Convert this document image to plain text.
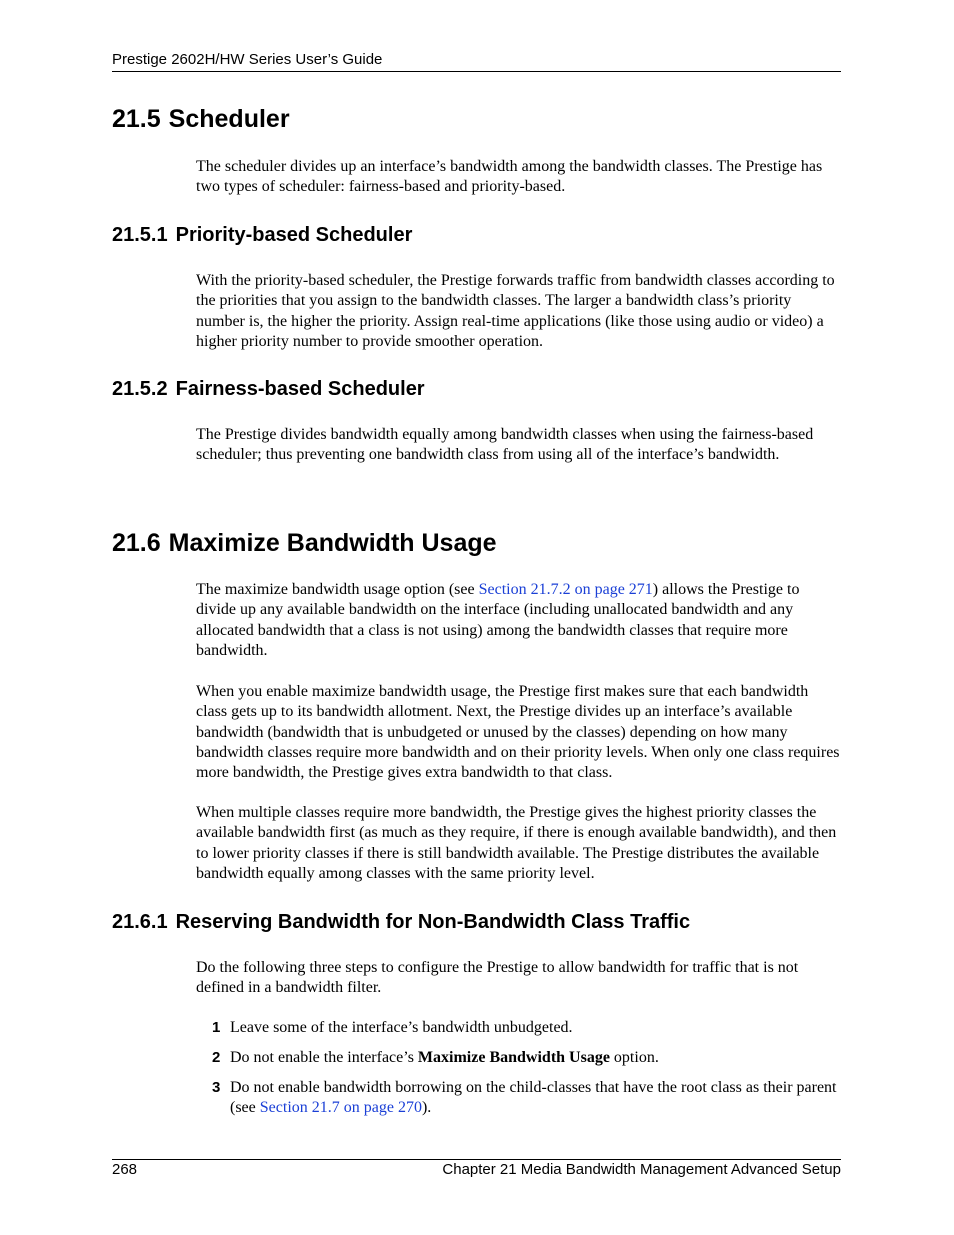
Prestige 2602H/HW Series User’s Guide
21.5 Scheduler

The scheduler divides up an interface’s bandwidth among the bandwidth classes. The Prestige has two types of scheduler: fairness-based and priority-based.

21.5.1 Priority-based Scheduler

With the priority-based scheduler, the Prestige forwards traffic from bandwidth classes according to the priorities that you assign to the bandwidth classes. The larger a bandwidth class’s priority number is, the higher the priority. Assign real-time applications (like those using audio or video) a higher priority number to provide smoother operation.

21.5.2 Fairness-based Scheduler

The Prestige divides bandwidth equally among bandwidth classes when using the fairness-based scheduler; thus preventing one bandwidth class from using all of the interface’s bandwidth.

21.6 Maximize Bandwidth Usage

The maximize bandwidth usage option (see Section 21.7.2 on page 271) allows the Prestige to divide up any available bandwidth on the interface (including unallocated bandwidth and any allocated bandwidth that a class is not using) among the bandwidth classes that require more bandwidth.

When you enable maximize bandwidth usage, the Prestige first makes sure that each bandwidth class gets up to its bandwidth allotment. Next, the Prestige divides up an interface’s available bandwidth (bandwidth that is unbudgeted or unused by the classes) depending on how many bandwidth classes require more bandwidth and on their priority levels. When only one class requires more bandwidth, the Prestige gives extra bandwidth to that class.

When multiple classes require more bandwidth, the Prestige gives the highest priority classes the available bandwidth first (as much as they require, if there is enough available bandwidth), and then to lower priority classes if there is still bandwidth available. The Prestige distributes the available bandwidth equally among classes with the same priority level.

21.6.1 Reserving Bandwidth for Non-Bandwidth Class Traffic

Do the following three steps to configure the Prestige to allow bandwidth for traffic that is not defined in a bandwidth filter.

1 Leave some of the interface’s bandwidth unbudgeted.
2 Do not enable the interface’s Maximize Bandwidth Usage option.
3 Do not enable bandwidth borrowing on the child-classes that have the root class as their parent (see Section 21.7 on page 270).
268	Chapter 21 Media Bandwidth Management Advanced Setup
